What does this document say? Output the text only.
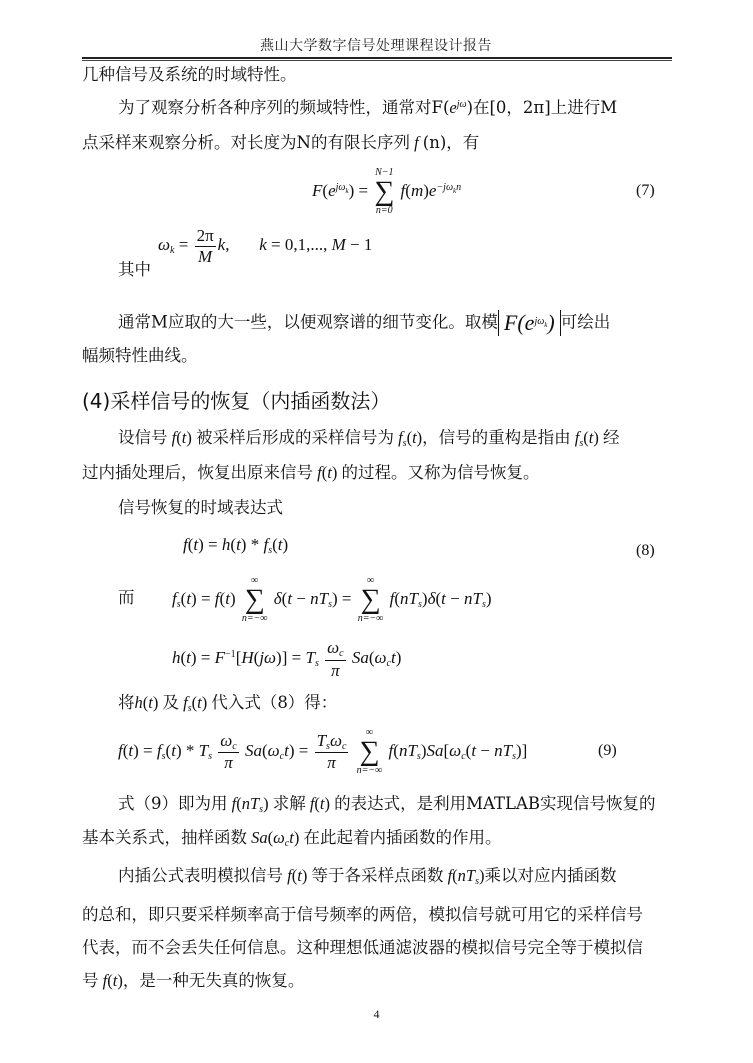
燕山大学数字信号处理课程设计报告
几种信号及系统的时域特性。
为了观察分析各种序列的频域特性，通常对$F(e^{j\omega})$在[0，2π]上进行M
点采样来观察分析。对长度为N的有限长序列 f (n)，有
$F(e^{j\omega_k})$ =
N−1
∑
n=0
$f(m)e^{-j\omega_kn}$	(7)
$\omega_k = \frac{2\pi}{M} k$,       k = 0,1,..., M − 1
其中
通常M应取的大一些，以便观察谱的细节变化。取模 $F(e^{j\omega_k})$ 可绘出
幅频特性曲线。
(4)采样信号的恢复（内插函数法）
设信号 f(t) 被采样后形成的采样信号为 $f_s(t)$，信号的重构是指由 $f_s(t)$ 经
过内插处理后，恢复出原来信号 f(t) 的过程。又称为信号恢复。
信号恢复的时域表达式
$f(t) = h(t) * f_s(t)$	(8)
而 $f_s(t) = f(t)$
∞
∑
n=−∞
$\delta(t - nT_s)$ =
∞
∑
n=−∞
$f(nT_s)\delta(t - nT_s)$
$h(t) = F^{-1}[H(j\omega)] = T_s \frac{\omega_c}{\pi} Sa(\omega_ct)$
将h(t) 及 $f_s(t)$ 代入式（8）得：
$f(t) = f_s(t) * T_s \frac{\omega_c}{\pi} Sa(\omega_ct) = \frac{T_s\omega_c}{\pi}$
	∞
∑
n=−∞
$f(nT_s)Sa[\omega_c(t - nT_s)]$	(9)
式（9）即为用 $f(nT_s)$ 求解 f(t) 的表达式，是利用MATLAB实现信号恢复的
基本关系式，抽样函数 $Sa(\omega_ct)$ 在此起着内插函数的作用。
内插公式表明模拟信号 f(t) 等于各采样点函数 $f(nT_s)$乘以对应内插函数
的总和，即只要采样频率高于信号频率的两倍，模拟信号就可用它的采样信号
代表，而不会丢失任何信息。这种理想低通滤波器的模拟信号完全等于模拟信
号 f(t)，是一种无失真的恢复。
4
